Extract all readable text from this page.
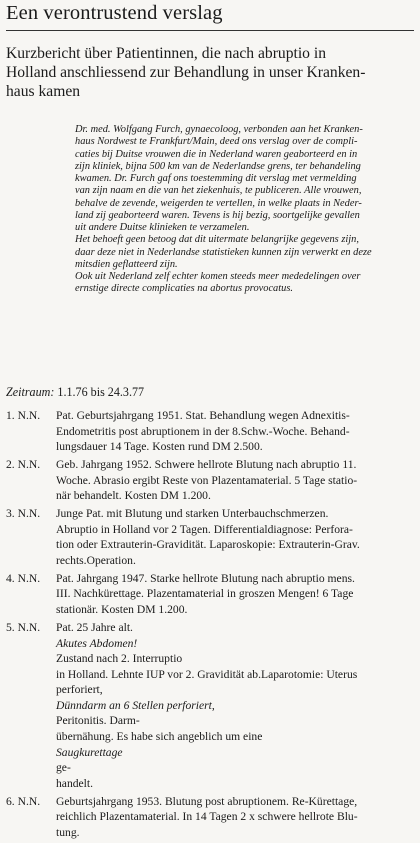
Een verontrustend verslag
Kurzbericht über Patientinnen, die nach abruptio in
Holland anschliessend zur Behandlung in unser Kranken-
haus kamen
Dr. med. Wolfgang Furch, gynaecoloog, verbonden aan het Kranken-
haus Nordwest te Frankfurt/Main, deed ons verslag over de compli-
caties bij Duitse vrouwen die in Nederland waren geaborteerd en in
zijn kliniek, bijna 500 km van de Nederlandse grens, ter behandeling
kwamen. Dr. Furch gaf ons toestemming dit verslag met vermelding
van zijn naam en die van het ziekenhuis, te publiceren. Alle vrouwen,
behalve de zevende, weigerden te vertellen, in welke plaats in Neder-
land zij geaborteerd waren. Tevens is hij bezig, soortgelijke gevallen
uit andere Duitse klinieken te verzamelen.
Het behoeft geen betoog dat dit uitermate belangrijke gegevens zijn,
daar deze niet in Nederlandse statistieken kunnen zijn verwerkt en deze
mitsdien geflatteerd zijn.
Ook uit Nederland zelf echter komen steeds meer mededelingen over
ernstige directe complicaties na abortus provocatus.
Zeitraum: 1.1.76 bis 24.3.77
1. N.N. Pat. Geburtsjahrgang 1951. Stat. Behandlung wegen Adnexitis-
Endometritis post abruptionem in der 8.Schw.-Woche. Behand-
lungsdauer 14 Tage. Kosten rund DM 2.500.
2. N.N. Geb. Jahrgang 1952. Schwere hellrote Blutung nach abruptio 11.
Woche. Abrasio ergibt Reste von Plazentamaterial. 5 Tage statio-
när behandelt. Kosten DM 1.200.
3. N.N. Junge Pat. mit Blutung und starken Unterbauchschmerzen.
Abruptio in Holland vor 2 Tagen. Differentialdiagnose: Perfora-
tion oder Extrauterin-Gravidität. Laparoskopie: Extrauterin-Grav.
rechts.Operation.
4. N.N. Pat. Jahrgang 1947. Starke hellrote Blutung nach abruptio mens.
III. Nachkürettage. Plazentamaterial in groszen Mengen! 6 Tage
stationär. Kosten DM 1.200.
5. N.N. Pat. 25 Jahre alt.
Akutes Abdomen!
Zustand nach 2. Interruptio
in Holland. Lehnte IUP vor 2. Gravidität ab.Laparotomie: Uterus
perforiert,
Dünndarm an 6 Stellen perforiert,
Peritonitis. Darm-
übernähung. Es habe sich angeblich um eine
Saugkurettage
ge-
handelt.
6. N.N. Geburtsjahrgang 1953. Blutung post abruptionem. Re-Kürettage,
reichlich Plazentamaterial. In 14 Tagen 2 x schwere hellrote Blu-
tung.
